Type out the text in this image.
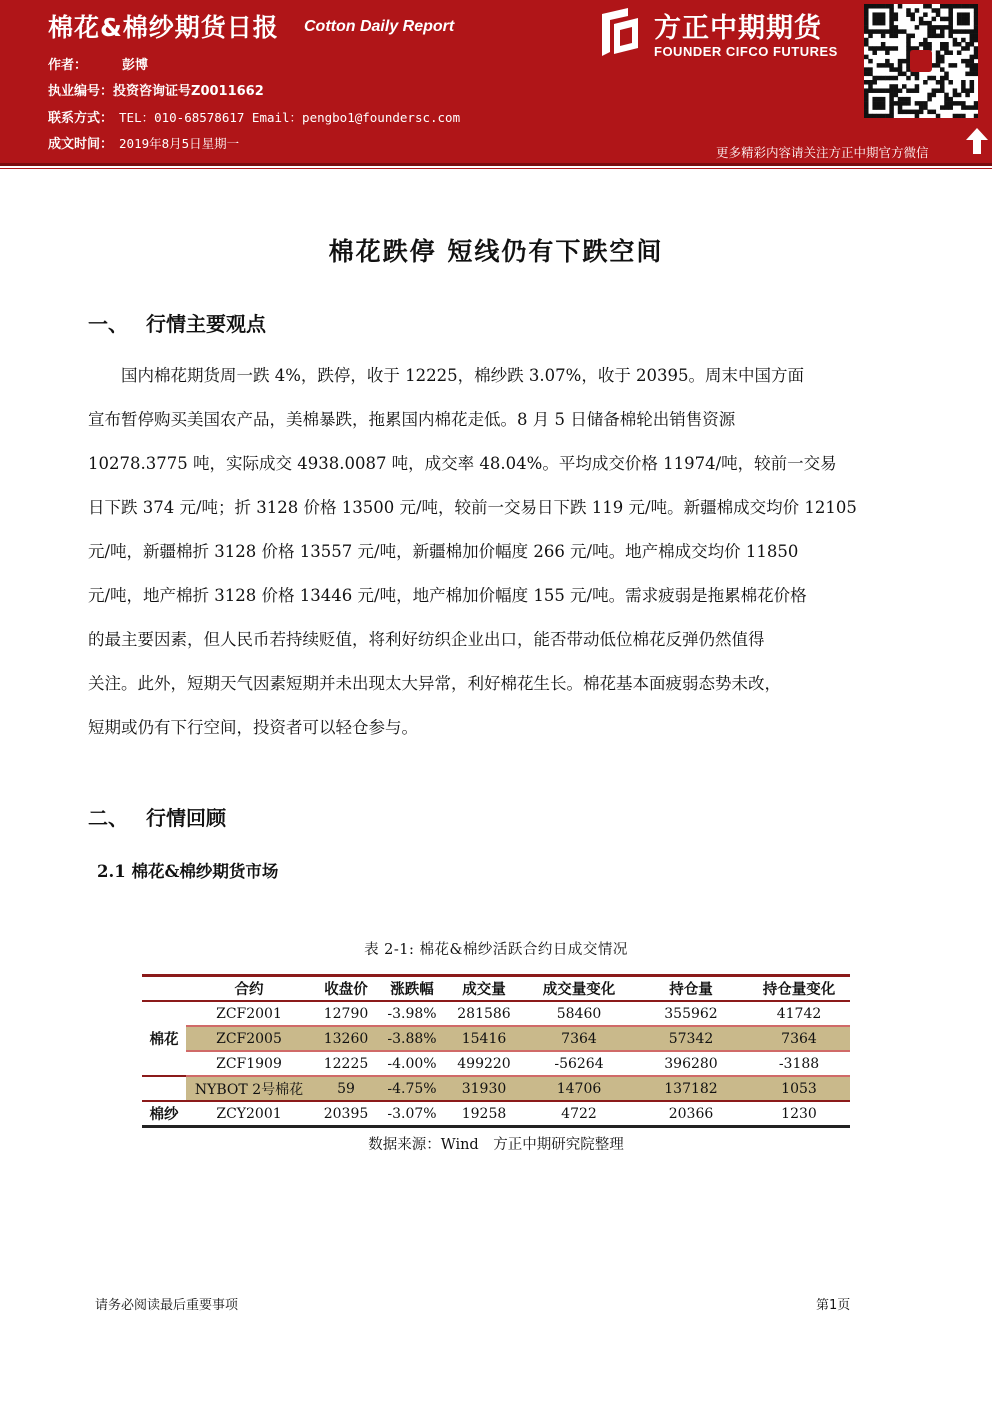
棉花&棉纱期货日报 Cotton Daily Report
作者：	彭博
执业编号：投资咨询证号Z0011662
联系方式： TEL：010-68578617 Email：pengbo1@foundersc.com
成文时间： 2019年8月5日星期一
方正中期期货
FOUNDER CIFCO FUTURES
更多精彩内容请关注方正中期官方微信
棉花跌停 短线仍有下跌空间
一、 行情主要观点
　　国内棉花期货周一跌 4%，跌停，收于 12225，棉纱跌 3.07%，收于 20395。周末中国方面
宣布暂停购买美国农产品，美棉暴跌，拖累国内棉花走低。8 月 5 日储备棉轮出销售资源
10278.3775 吨，实际成交 4938.0087 吨，成交率 48.04%。平均成交价格 11974/吨，较前一交易
日下跌 374 元/吨；折 3128 价格 13500 元/吨，较前一交易日下跌 119 元/吨。新疆棉成交均价 12105
元/吨，新疆棉折 3128 价格 13557 元/吨，新疆棉加价幅度 266 元/吨。地产棉成交均价 11850
元/吨，地产棉折 3128 价格 13446 元/吨，地产棉加价幅度 155 元/吨。需求疲弱是拖累棉花价格
的最主要因素，但人民币若持续贬值，将利好纺织企业出口，能否带动低位棉花反弹仍然值得
关注。此外，短期天气因素短期并未出现太大异常，利好棉花生长。棉花基本面疲弱态势未改，
短期或仍有下行空间，投资者可以轻仓参与。
二、 行情回顾
2.1 棉花&棉纱期货市场
表 2-1: 棉花&棉纱活跃合约日成交情况
	合约	收盘价	涨跌幅	成交量	成交量变化	持仓量	持仓量变化
棉花	ZCF2001	12790	-3.98%	281586	58460	355962	41742
	ZCF2005	13260	-3.88%	15416	7364	57342	7364
	ZCF1909	12225	-4.00%	499220	-56264	396280	-3188
	NYBOT 2号棉花	59	-4.75%	31930	14706	137182	1053
棉纱	ZCY2001	20395	-3.07%	19258	4722	20366	1230
数据来源：Wind　方正中期研究院整理
请务必阅读最后重要事项	第1页
